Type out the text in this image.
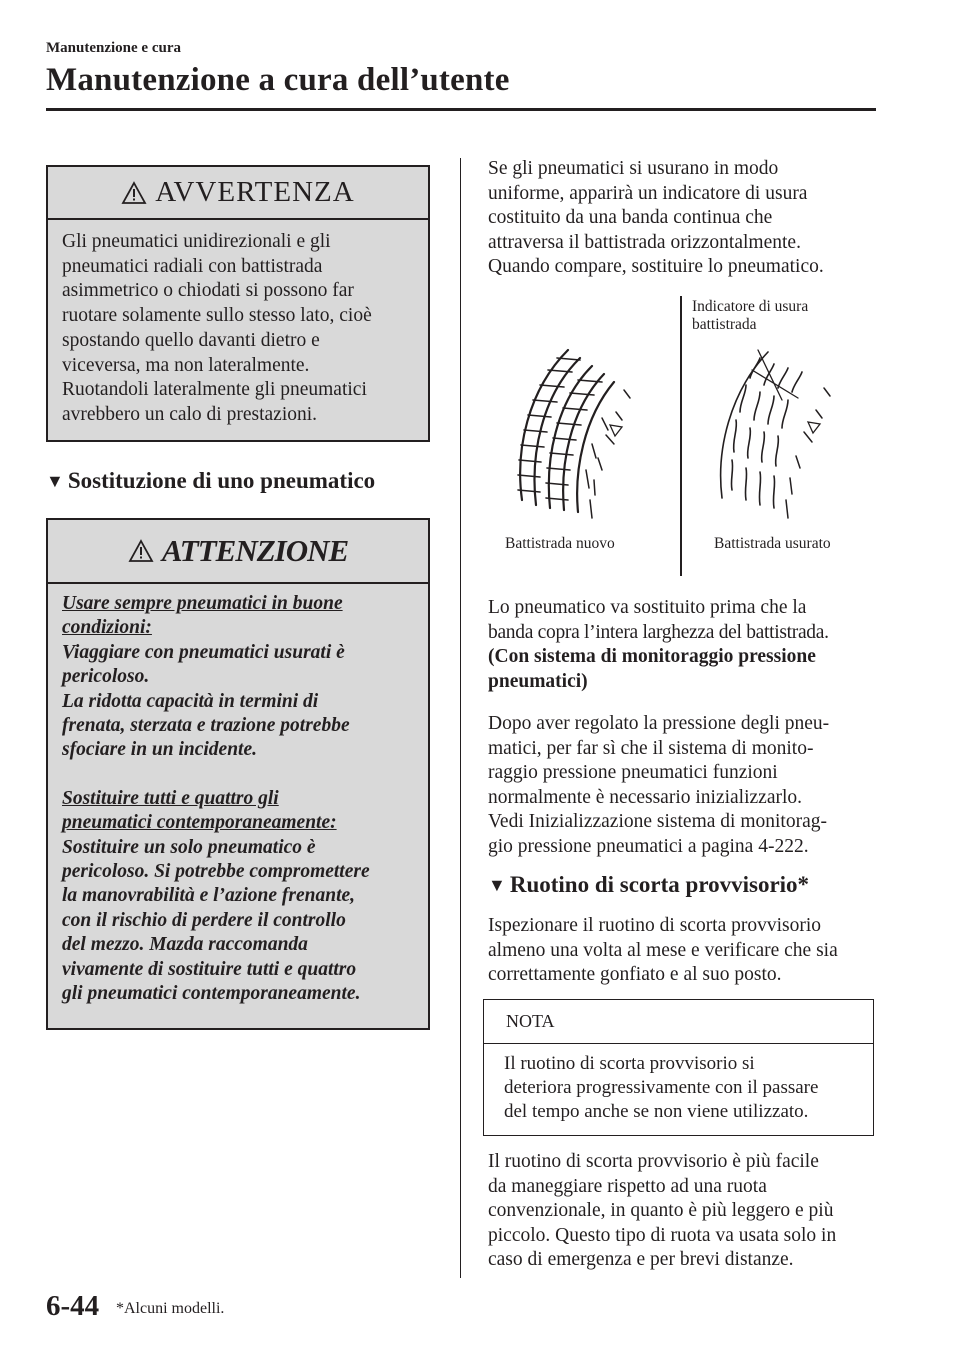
Manutenzione e cura
Manutenzione a cura dell’utente
AVVERTENZA
Gli pneumatici unidirezionali e gli
pneumatici radiali con battistrada
asimmetrico o chiodati si possono far
ruotare solamente sullo stesso lato, cioè
spostando quello davanti dietro e
viceversa, ma non lateralmente.
Ruotandoli lateralmente gli pneumatici
avrebbero un calo di prestazioni.
▼ Sostituzione di uno pneumatico
ATTENZIONE
Usare sempre pneumatici in buone
condizioni:
Viaggiare con pneumatici usurati è
pericoloso.
La ridotta capacità in termini di
frenata, sterzata e trazione potrebbe
sfociare in un incidente.
Sostituire tutti e quattro gli
pneumatici contemporaneamente:
Sostituire un solo pneumatico è
pericoloso. Si potrebbe compromettere
la manovrabilità e l’azione frenante,
con il rischio di perdere il controllo
del mezzo. Mazda raccomanda
vivamente di sostituire tutti e quattro
gli pneumatici contemporaneamente.
Se gli pneumatici si usurano in modo
uniforme, apparirà un indicatore di usura
costituito da una banda continua che
attraversa il battistrada orizzontalmente.
Quando compare, sostituire lo pneumatico.
Indicatore di usura
battistrada
Battistrada nuovo	Battistrada usurato
Lo pneumatico va sostituito prima che la
banda copra l’intera larghezza del battistrada.
(Con sistema di monitoraggio pressione
pneumatici)
Dopo aver regolato la pressione degli pneu-
matici, per far sì che il sistema di monito-
raggio pressione pneumatici funzioni
normalmente è necessario inizializzarlo.
Vedi Inizializzazione sistema di monitorag-
gio pressione pneumatici a pagina 4-222.
▼ Ruotino di scorta provvisorio*
Ispezionare il ruotino di scorta provvisorio
almeno una volta al mese e verificare che sia
correttamente gonfiato e al suo posto.
NOTA
Il ruotino di scorta provvisorio si
deteriora progressivamente con il passare
del tempo anche se non viene utilizzato.
Il ruotino di scorta provvisorio è più facile
da maneggiare rispetto ad una ruota
convenzionale, in quanto è più leggero e più
piccolo. Questo tipo di ruota va usata solo in
caso di emergenza e per brevi distanze.
6-44 *Alcuni modelli.
